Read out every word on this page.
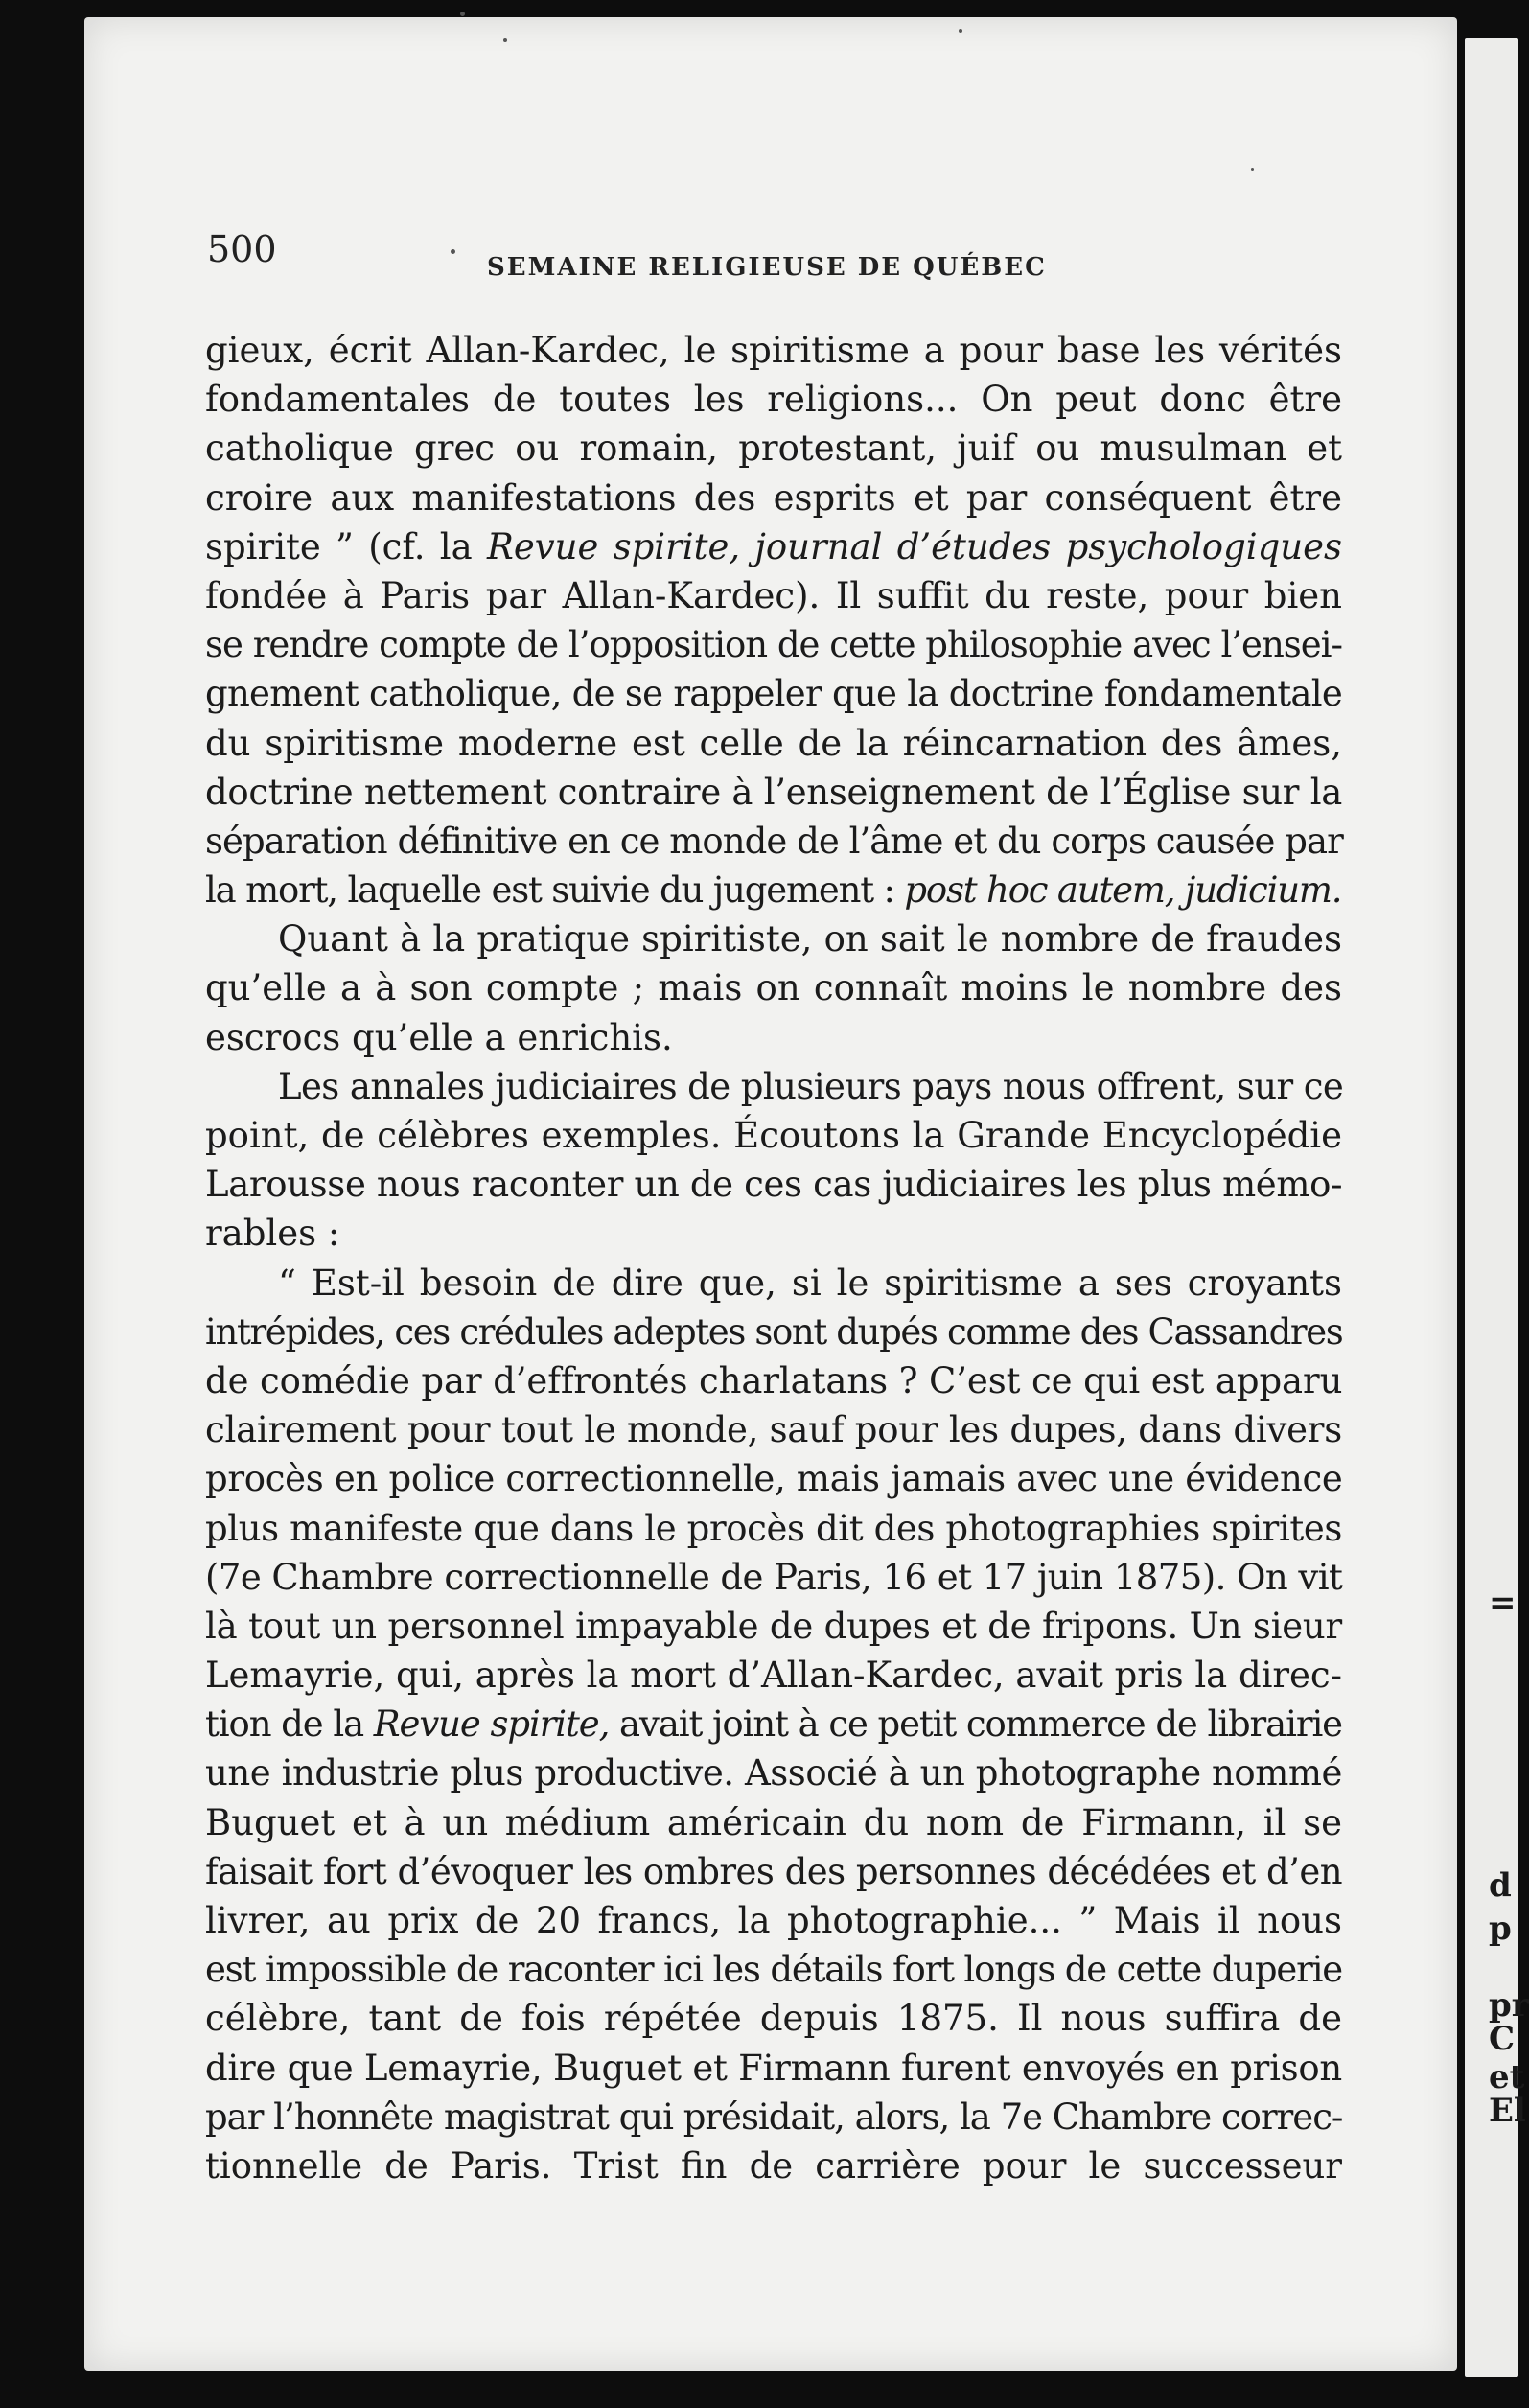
=
d
p
pr
C
et
El
500	SEMAINE RELIGIEUSE DE QUÉBEC
gieux, écrit Allan-Kardec, le spiritisme a pour base les vérités
fondamentales de toutes les religions... On peut donc être
catholique grec ou romain, protestant, juif ou musulman et
croire aux manifestations des esprits et par conséquent être
spirite ” (cf. la Revue spirite, journal d’études psychologiques
fondée à Paris par Allan-Kardec). Il suffit du reste, pour bien
se rendre compte de l’opposition de cette philosophie avec l’ensei-
gnement catholique, de se rappeler que la doctrine fondamentale
du spiritisme moderne est celle de la réincarnation des âmes,
doctrine nettement contraire à l’enseignement de l’Église sur la
séparation définitive en ce monde de l’âme et du corps causée par
la mort, laquelle est suivie du jugement : post hoc autem, judicium.
Quant à la pratique spiritiste, on sait le nombre de fraudes
qu’elle a à son compte ; mais on connaît moins le nombre des
escrocs qu’elle a enrichis.
Les annales judiciaires de plusieurs pays nous offrent, sur ce
point, de célèbres exemples. Écoutons la Grande Encyclopédie
Larousse nous raconter un de ces cas judiciaires les plus mémo-
rables :
“ Est-il besoin de dire que, si le spiritisme a ses croyants
intrépides, ces crédules adeptes sont dupés comme des Cassandres
de comédie par d’effrontés charlatans ? C’est ce qui est apparu
clairement pour tout le monde, sauf pour les dupes, dans divers
procès en police correctionnelle, mais jamais avec une évidence
plus manifeste que dans le procès dit des photographies spirites
(7e Chambre correctionnelle de Paris, 16 et 17 juin 1875). On vit
là tout un personnel impayable de dupes et de fripons. Un sieur
Lemayrie, qui, après la mort d’Allan-Kardec, avait pris la direc-
tion de la Revue spirite, avait joint à ce petit commerce de librairie
une industrie plus productive. Associé à un photographe nommé
Buguet et à un médium américain du nom de Firmann, il se
faisait fort d’évoquer les ombres des personnes décédées et d’en
livrer, au prix de 20 francs, la photographie... ” Mais il nous
est impossible de raconter ici les détails fort longs de cette duperie
célèbre, tant de fois répétée depuis 1875. Il nous suffira de
dire que Lemayrie, Buguet et Firmann furent envoyés en prison
par l’honnête magistrat qui présidait, alors, la 7e Chambre correc-
tionnelle de Paris. Trist fin de carrière pour le successeur
